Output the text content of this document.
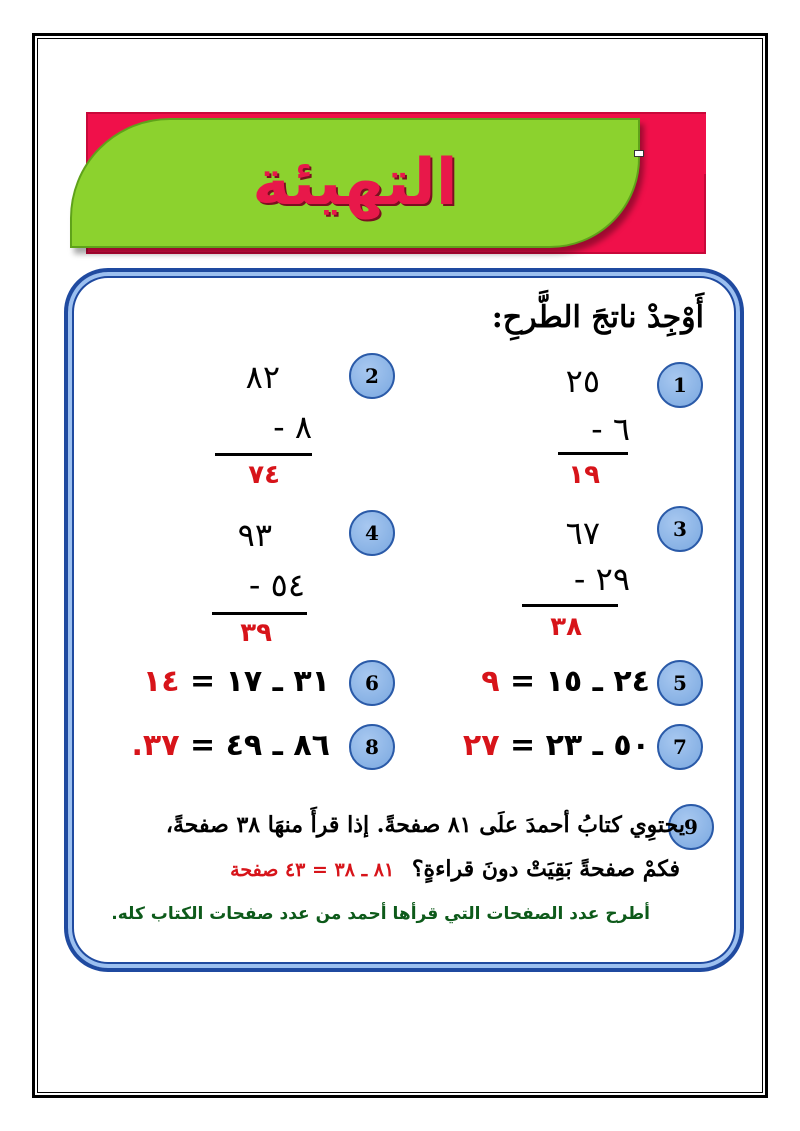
التهيئة
أَوْجِدْ ناتجَ الطَّرحِ:
1
٢٥
٦ -
١٩
2
٨٢
٨ -
٧٤
3
٦٧
٢٩ -
٣٨
4
٩٣
٥٤ -
٣٩
5
٢٤ ـ ١٥ = ٩
6
٣١ ـ ١٧ = ١٤
7
٥٠ ـ ٢٣ = ٢٧
8
٨٦ ـ ٤٩ = ٣٧.
9
يحتوِي كتابُ أحمدَ علَى ٨١ صفحةً. إذا قرأَ منهَا ٣٨ صفحةً،
فكمْ صفحةً بَقِيَتْ دونَ قراءةٍ؟ ٨١ ـ ٣٨ = ٤٣ صفحة
أطرح عدد الصفحات التي قرأها أحمد من عدد صفحات الكتاب كله.
